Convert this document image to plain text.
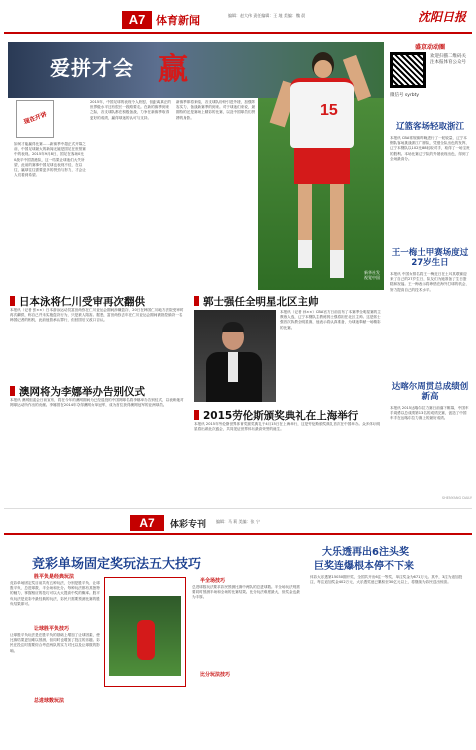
A7 体育新闻	编辑：赵大伟 责任编辑：王 地 美编：魏 晨	沈阳日报
爱拼才会 赢
现在开讲
如何才能赢得比赛……新赛季中超正式开幕之前，中国足球最大的新闻无疑是国足在世预赛中的表现。2015年9月8日，国足在客场0比0战平中国香港队，这一结果让球迷们大失所望，此前的赛事中国足球也表现不佳，在以往，赢球往往需要更多的拼劲与努力，才会让人们看到希望。
2015年，中国足球的表现令人欣慰，但距离真正的世界级水平还有很长一段路要走。在新的赛季到来之际，各支球队都在积极备战，力争在新赛季取得更好的成绩，赢得球迷的认可与支持。
新赛季即将来临，各支球队纷纷引进外援，加强阵容实力，备战新赛季的到来。对于球迷们来说，最期待的还是赛场上精彩的比赛，以及中国球员们拼搏的身影。	15
新华社发 视觉中国
日本泳将仁川受审再次翻供
本报讯（记者 张××）日本游泳运动员富田尚弥在仁川亚运会期间涉嫌盗窃，20日在韩国仁川地方法院受审时再次翻供，称自己并未实施盗窃行为，只是被人陷害。据悉，富田尚弥去年在仁川亚运会期间被指控偷窃一名韩国记者的相机，此前他曾承认罪行，但回国后又改口否认。
澳网将为李娜举办告别仪式
本报讯 澳网组委会日前宣布，将在今年的澳网期间为已经退役的中国网球名将李娜举办告别仪式，以表彰她对网球运动所作出的贡献。李娜曾在2014年夺得澳网女单冠军，成为首位获得澳网冠军的亚洲球员。
郭士强任全明星北区主帅
本报讯（记者 孙××）CBA官方日前宣布了本赛季全明星赛的主教练人选，辽宁本钢队主教练郭士强将担任北区主帅。这是郭士强首次执教全明星赛，他表示将认真准备，为球迷奉献一场精彩的比赛。
2015劳伦斯颁奖典礼在上海举行
本报讯 2015年劳伦斯世界体育奖颁奖典礼于4月15日在上海举行，这是劳伦斯颁奖典礼首次在中国举办。众多体坛明星将出席此次盛会，共同见证世界体坛最高荣誉的诞生。
盛京动动圈
欢迎扫描二维码关注本报体育公众号
微信号 syrbty
辽篮客场轻取浙江
本报讯 CBA常规赛昨晚进行了一轮较量，辽宁本钢队客场挑战浙江广厦队，凭借全队出色的发挥，辽宁本钢队以102比88轻取对手，取得了一场宝贵的胜利。本场比赛辽宁队的外援表现出色，得到了全场最高分。
王一梅土甲赛场度过27岁生日
本报讯 中国女排名将王一梅近日在土耳其联赛迎来了自己的27岁生日，队友们为她准备了生日蛋糕和祝福。王一梅表示将珍惜在海外打球的机会，努力提高自己的技术水平。
达喀尔周贯总成绩创新高
本报讯 2015达喀尔拉力赛日前落下帷幕，中国车手周勇以总成绩第13名的成绩完赛，创造了中国车手在达喀尔拉力赛上的最好成绩。
SHENYANG DAILY
A7	体彩专刊 编辑：马 莉 美编：张 宁
竞彩单场固定奖玩法五大技巧
大乐透再出6注头奖
巨奖连爆根本停不下来
胜平负是经典玩法
竞彩单场固定奖目前共有五种玩法，分别是胜平负、让球胜平负、总进球数、半全场和比分。每种玩法都有其独特的魅力，掌握相应的技巧可以大大提高中奖的概率。胜平负玩法是竞彩中最经典的玩法，彩民只需要预测比赛的胜负结果即可。
让球胜平负技巧
让球胜平负玩法是在胜平负的基础上增加了让球因素，使比赛结果更加难以预测，但同时也增加了投注的乐趣。彩民在投注时需要综合考虑两队的实力对比以及让球数的影响。
总进球数玩法
半全场技巧
总进球数玩法要求彩民预测比赛中两队的总进球数。半全场玩法则需要同时预测半场和全场的比赛结果。比分玩法难度最大，但奖金也最为丰厚。
比分玩法技巧
体彩大乐透第15030期开奖，全国共开出6注一等奖，单注奖金为671万元。其中，3注为追加投注，每注追加奖金402万元，大乐透奖池已累积至30亿元以上，将继续为彩民送出惊喜。
